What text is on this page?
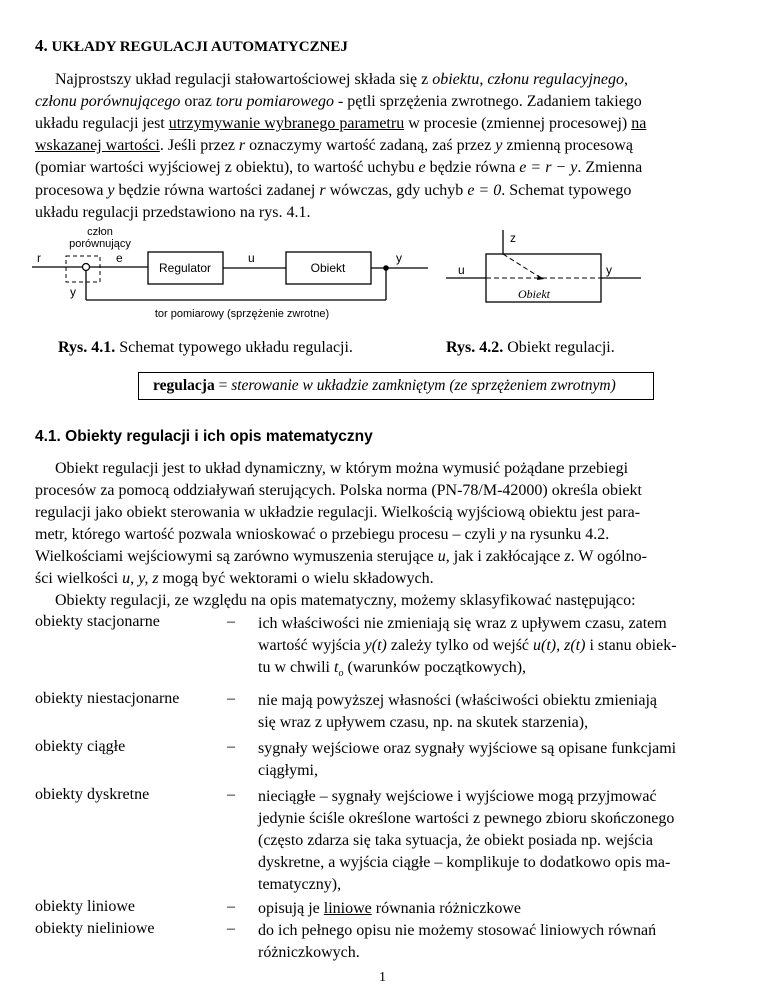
4. UKŁADY REGULACJI AUTOMATYCZNEJ
Najprostszy układ regulacji stałowartościowej składa się z obiektu, członu regulacyjnego,
członu porównującego oraz toru pomiarowego - pętli sprzężenia zwrotnego. Zadaniem takiego
układu regulacji jest utrzymywanie wybranego parametru w procesie (zmiennej procesowej) na
wskazanej wartości. Jeśli przez r oznaczymy wartość zadaną, zaś przez y zmienną procesową
(pomiar wartości wyjściowej z obiektu), to wartość uchybu e będzie równa e = r − y. Zmienna
procesowa y będzie równa wartości zadanej r wówczas, gdy uchyb e = 0. Schemat typowego
układu regulacji przedstawiono na rys. 4.1.
człon
porównujący
r	e
Regulator
u
Obiekt
y
y
tor pomiarowy (sprzężenie zwrotne)
z
u	y
Obiekt
Rys. 4.1. Schemat typowego układu regulacji.	Rys. 4.2. Obiekt regulacji.
regulacja = sterowanie w układzie zamkniętym (ze sprzężeniem zwrotnym)
4.1. Obiekty regulacji i ich opis matematyczny
Obiekt regulacji jest to układ dynamiczny, w którym można wymusić pożądane przebiegi
procesów za pomocą oddziaływań sterujących. Polska norma (PN-78/M-42000) określa obiekt
regulacji jako obiekt sterowania w układzie regulacji. Wielkością wyjściową obiektu jest para-
metr, którego wartość pozwala wnioskować o przebiegu procesu – czyli y na rysunku 4.2.
Wielkościami wejściowymi są zarówno wymuszenia sterujące u, jak i zakłócające z. W ogólno-
ści wielkości u, y, z mogą być wektorami o wielu składowych.
Obiekty regulacji, ze względu na opis matematyczny, możemy sklasyfikować następująco:
obiekty stacjonarne	– ich właściwości nie zmieniają się wraz z upływem czasu, zatem
wartość wyjścia y(t) zależy tylko od wejść u(t), z(t) i stanu obiek-
tu w chwili $t_o$ (warunków początkowych),
obiekty niestacjonarne	– nie mają powyższej własności (właściwości obiektu zmieniają
się wraz z upływem czasu, np. na skutek starzenia),
obiekty ciągłe	– sygnały wejściowe oraz sygnały wyjściowe są opisane funkcjami
ciągłymi,
obiekty dyskretne	– nieciągłe – sygnały wejściowe i wyjściowe mogą przyjmować
jedynie ściśle określone wartości z pewnego zbioru skończonego
(często zdarza się taka sytuacja, że obiekt posiada np. wejścia
dyskretne, a wyjścia ciągłe – komplikuje to dodatkowo opis ma-
tematyczny),
obiekty liniowe	– opisują je liniowe równania różniczkowe
obiekty nieliniowe	– do ich pełnego opisu nie możemy stosować liniowych równań
różniczkowych.
1
